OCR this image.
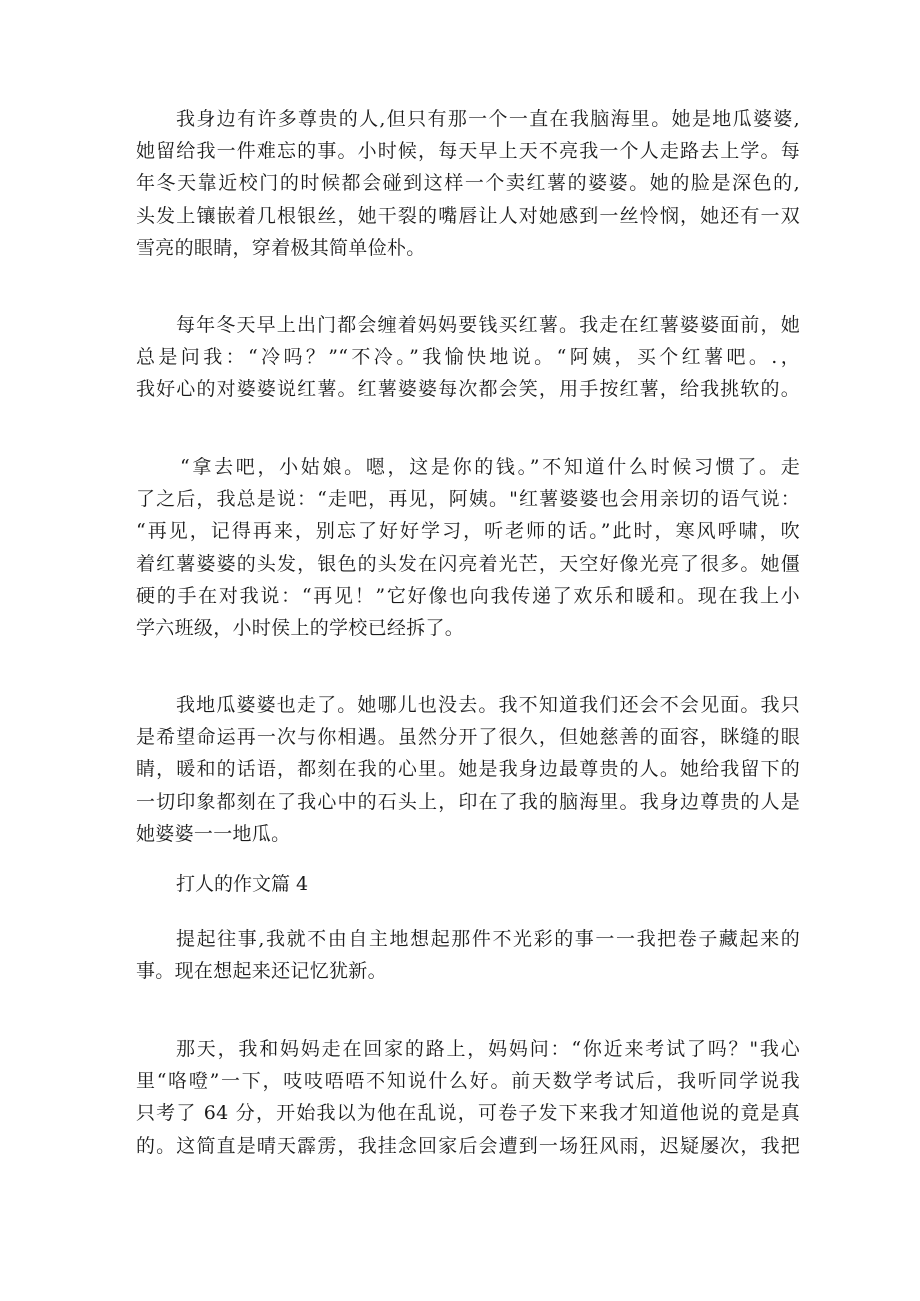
我身边有许多尊贵的人,但只有那一个一直在我脑海里。她是地瓜婆婆,
她留给我一件难忘的事。小时候，每天早上天不亮我一个人走路去上学。每
年冬天靠近校门的时候都会碰到这样一个卖红薯的婆婆。她的脸是深色的,
头发上镶嵌着几根银丝，她干裂的嘴唇让人对她感到一丝怜悯，她还有一双
雪亮的眼睛，穿着极其简单俭朴。
每年冬天早上出门都会缠着妈妈要钱买红薯。我走在红薯婆婆面前，她
总是问我：“冷吗？”“不冷。”我愉快地说。“阿姨，买个红薯吧。.，
我好心的对婆婆说红薯。红薯婆婆每次都会笑，用手按红薯，给我挑软的。
“拿去吧，小姑娘。嗯，这是你的钱。”不知道什么时候习惯了。走
了之后，我总是说：“走吧，再见，阿姨。"红薯婆婆也会用亲切的语气说：
“再见，记得再来，别忘了好好学习，听老师的话。”此时，寒风呼啸，吹
着红薯婆婆的头发，银色的头发在闪亮着光芒，天空好像光亮了很多。她僵
硬的手在对我说：“再见！”它好像也向我传递了欢乐和暖和。现在我上小
学六班级，小时侯上的学校已经拆了。
我地瓜婆婆也走了。她哪儿也没去。我不知道我们还会不会见面。我只
是希望命运再一次与你相遇。虽然分开了很久，但她慈善的面容，眯缝的眼
睛，暖和的话语，都刻在我的心里。她是我身边最尊贵的人。她给我留下的
一切印象都刻在了我心中的石头上，印在了我的脑海里。我身边尊贵的人是
她婆婆一一地瓜。

打人的作文篇 4

提起往事,我就不由自主地想起那件不光彩的事一一我把卷子藏起来的
事。现在想起来还记忆犹新。
那天，我和妈妈走在回家的路上，妈妈问：“你近来考试了吗？"我心
里“咯噔”一下，吱吱唔唔不知说什么好。前天数学考试后，我听同学说我
只考了 64 分，开始我以为他在乱说，可卷子发下来我才知道他说的竟是真
的。这简直是晴天霹雳，我挂念回家后会遭到一场狂风雨，迟疑屡次，我把
